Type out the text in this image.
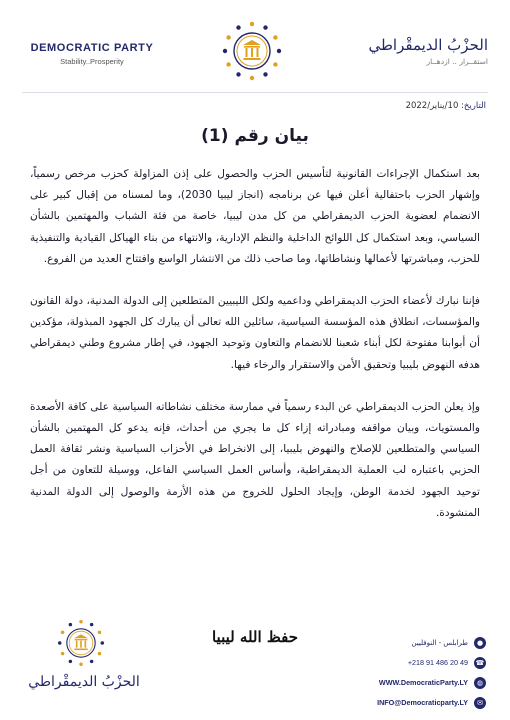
DEMOCRATIC PARTY
Stability..Prosperity
الحزْبُ الديمقْراطي
استقــرار .. ازدهــار
التاريخ: 10/يناير/2022
بيان رقم (1)

بعد استكمال الإجراءات القانونية لتأسيس الحزب والحصول على إذن المزاولة كحزب مرخص رسمياً، وإشهار الحزب باحتفالية أعلن فيها عن برنامجه (انجاز ليبيا 2030)، وما لمسناه من إقبال كبير على الانضمام لعضوية الحزب الديمقراطي من كل مدن ليبيا، خاصة من فئة الشباب والمهتمين بالشأن السياسي، وبعد استكمال كل اللوائح الداخلية والنظم الإدارية، والانتهاء من بناء الهياكل القيادية والتنفيذية للحزب، ومباشرتها لأعمالها ونشاطاتها، وما صاحب ذلك من الانتشار الواسع وافتتاح العديد من الفروع.

فإننا نبارك لأعضاء الحزب الديمقراطي وداعميه ولكل الليبيين المتطلعين إلى الدولة المدنية، دولة القانون والمؤسسات، انطلاق هذه المؤسسة السياسية، سائلين الله تعالى أن يبارك كل الجهود المبذولة، مؤكدين أن أبوابنا مفتوحة لكل أبناء شعبنا للانضمام والتعاون وتوحيد الجهود، في إطار مشروع وطني ديمقراطي هدفه النهوض بليبيا وتحقيق الأمن والاستقرار والرخاء فيها.

وإذ يعلن الحزب الديمقراطي عن البدء رسمياً في ممارسة مختلف نشاطاته السياسية على كافة الأصعدة والمستويات، وبيان مواقفه ومبادراته إزاء كل ما يجري من أحداث، فإنه يدعو كل المهتمين بالشأن السياسي والمتطلعين للإصلاح والنهوض بليبيا، إلى الانخراط في الأحزاب السياسية ونشر ثقافة العمل الحزبي باعتباره لب العملية الديمقراطية، وأساس العمل السياسي الفاعل، ووسيلة للتعاون من أجل توحيد الجهود لخدمة الوطن، وإيجاد الحلول للخروج من هذه الأزمة والوصول إلى الدولة المدنية المنشودة.

حفظ الله ليبيا
الحزْبُ الديمقْراطي
طرابلس - النوفليين	●
+218 91 486 20 49 ☎
WWW.DemocraticParty.LY	◍
INFO@Democraticparty.LY	✉
